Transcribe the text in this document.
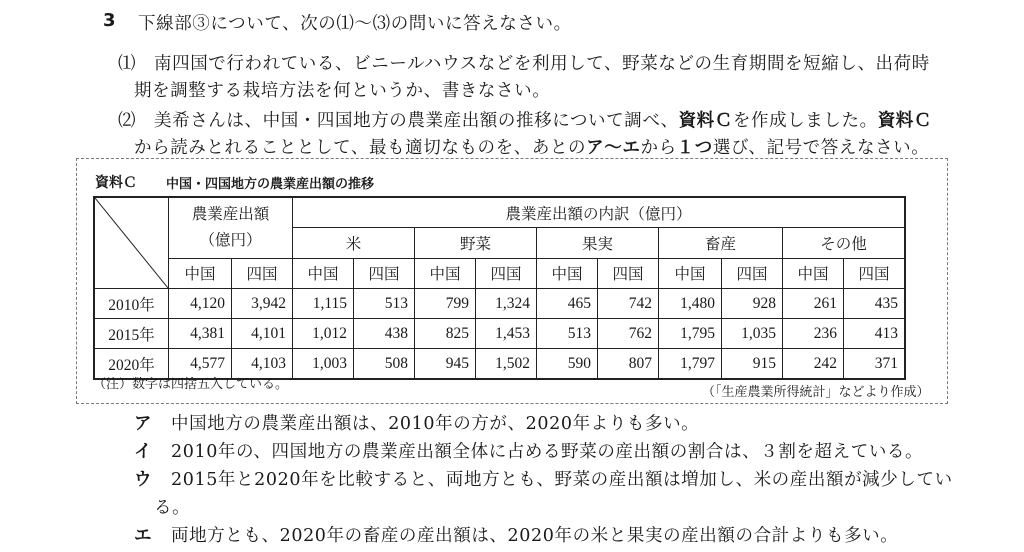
3 下線部③について、次の⑴～⑶の問いに答えなさい。
⑴ 南四国で行われている、ビニールハウスなどを利用して、野菜などの生育期間を短縮し、出荷時
期を調整する栽培方法を何というか、書きなさい。
⑵ 美希さんは、中国・四国地方の農業産出額の推移について調べ、資料Ｃを作成しました。資料Ｃ
から読みとれることとして、最も適切なものを、あとのア～エから１つ選び、記号で答えなさい。
資料Ｃ 中国・四国地方の農業産出額の推移

農業産出額
（億円）		農業産出額の内訳（億円）									
			米		野菜		果実		畜産		その他	
	中国	四国	中国	四国	中国	四国	中国	四国	中国	四国	中国	四国
2010年	4,120	3,942	1,115	513	799	1,324	465	742	1,480	928	261	435
2015年	4,381	4,101	1,012	438	825	1,453	513	762	1,795	1,035	236	413
2020年	4,577	4,103	1,003	508	945	1,502	590	807	1,797	915	242	371
（注）数字は四捨五入している。
（「生産農業所得統計」などより作成）
ア 中国地方の農業産出額は、2010年の方が、2020年よりも多い。
イ 2010年の、四国地方の農業産出額全体に占める野菜の産出額の割合は、３割を超えている。
ウ 2015年と2020年を比較すると、両地方とも、野菜の産出額は増加し、米の産出額が減少してい
る。
エ 両地方とも、2020年の畜産の産出額は、2020年の米と果実の産出額の合計よりも多い。
